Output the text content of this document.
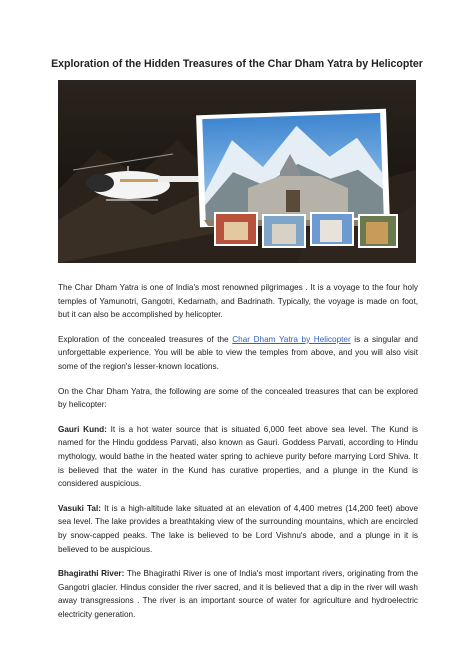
Exploration of the Hidden Treasures of the Char Dham Yatra by Helicopter

The Char Dham Yatra is one of India's most renowned pilgrimages . It is a voyage to the four holy temples of Yamunotri, Gangotri, Kedarnath, and Badrinath. Typically, the voyage is made on foot, but it can also be accomplished by helicopter.

Exploration of the concealed treasures of the Char Dham Yatra by Helicopter is a singular and unforgettable experience. You will be able to view the temples from above, and you will also visit some of the region's lesser-known locations.

On the Char Dham Yatra, the following are some of the concealed treasures that can be explored by helicopter:

Gauri Kund: It is a hot water source that is situated 6,000 feet above sea level. The Kund is named for the Hindu goddess Parvati, also known as Gauri. Goddess Parvati, according to Hindu mythology, would bathe in the heated water spring to achieve purity before marrying Lord Shiva. It is believed that the water in the Kund has curative properties, and a plunge in the Kund is considered auspicious.

Vasuki Tal: It is a high-altitude lake situated at an elevation of 4,400 metres (14,200 feet) above sea level. The lake provides a breathtaking view of the surrounding mountains, which are encircled by snow-capped peaks. The lake is believed to be Lord Vishnu's abode, and a plunge in it is believed to be auspicious.

Bhagirathi River: The Bhagirathi River is one of India's most important rivers, originating from the Gangotri glacier. Hindus consider the river sacred, and it is believed that a dip in the river will wash away transgressions . The river is an important source of water for agriculture and hydroelectric electricity generation.
